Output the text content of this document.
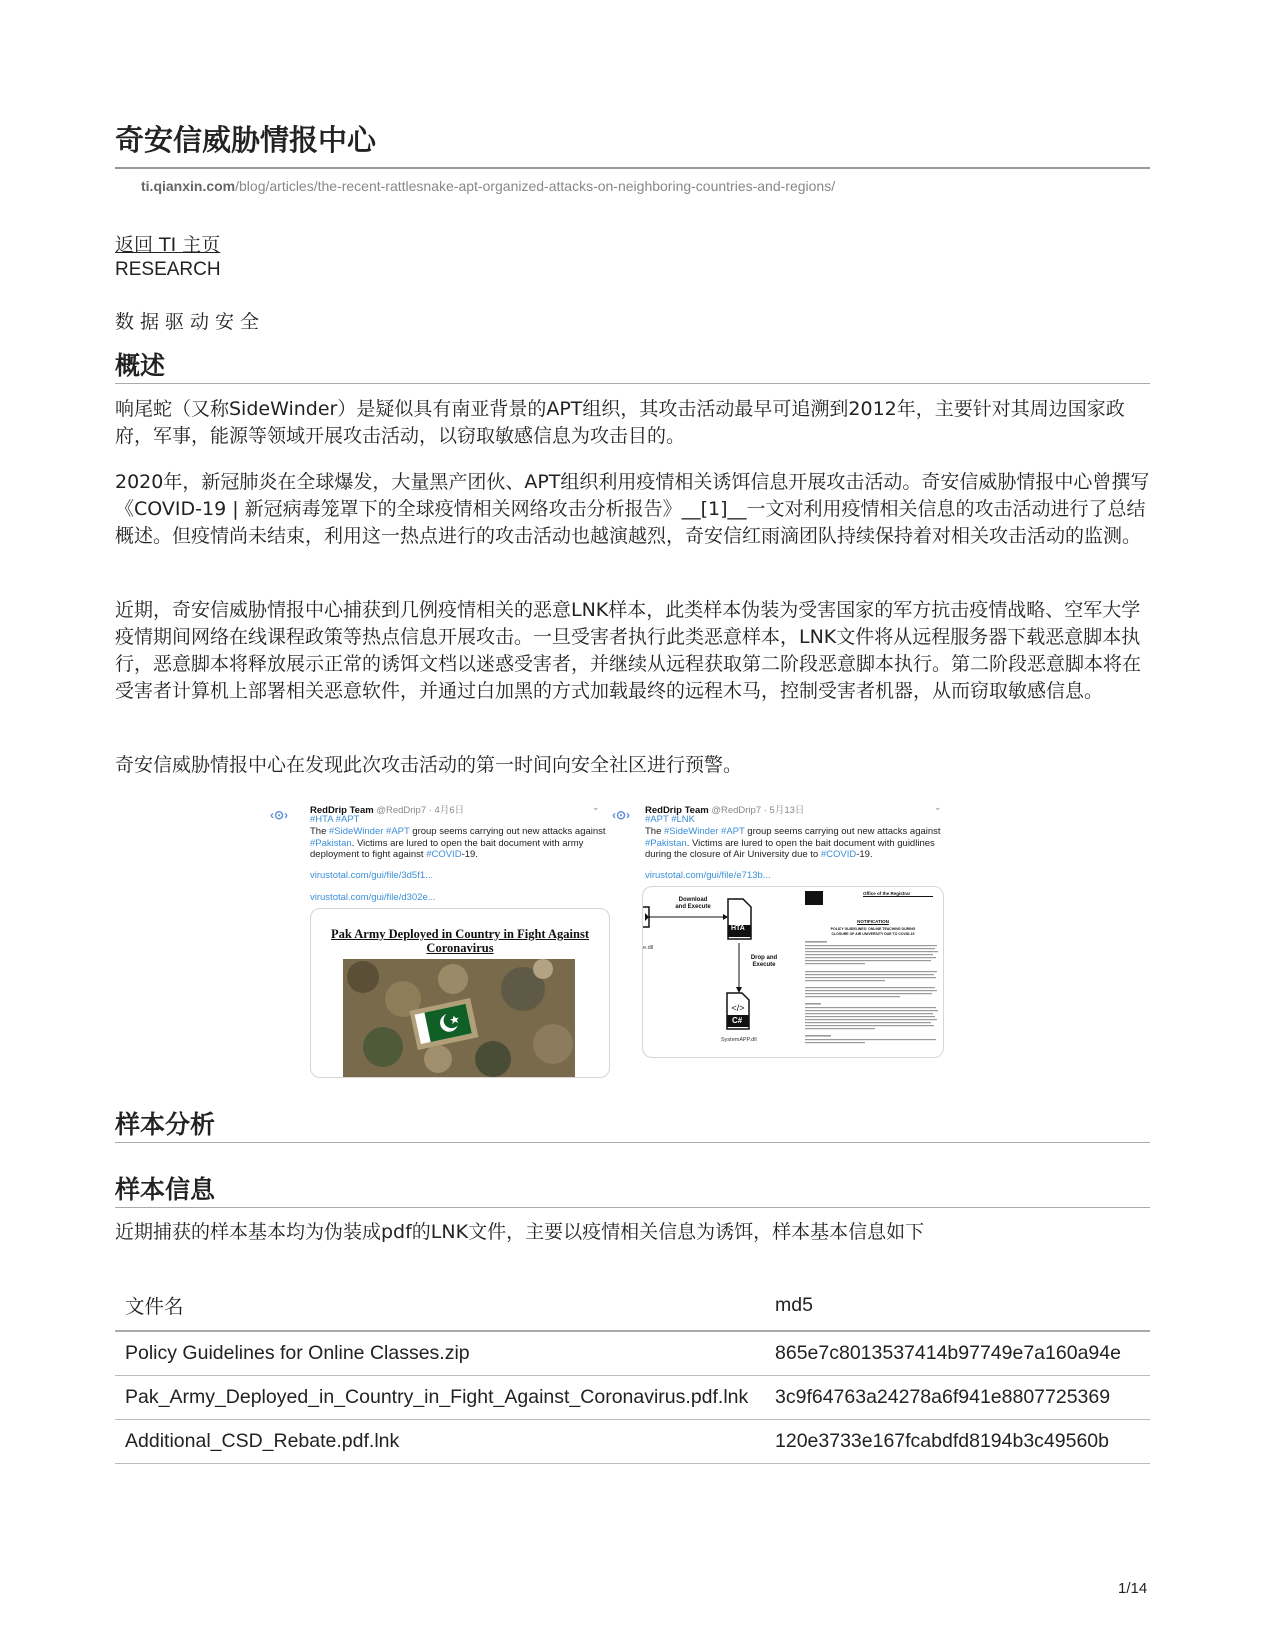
奇安信威胁情报中心
ti.qianxin.com/blog/articles/the-recent-rattlesnake-apt-organized-attacks-on-neighboring-countries-and-regions/
返回 TI 主页
RESEARCH
数据驱动安全
概述
响尾蛇（又称SideWinder）是疑似具有南亚背景的APT组织，其攻击活动最早可追溯到2012年，主要针对其周边国家政府，军事，能源等领域开展攻击活动，以窃取敏感信息为攻击目的。
2020年，新冠肺炎在全球爆发，大量黑产团伙、APT组织利用疫情相关诱饵信息开展攻击活动。奇安信威胁情报中心曾撰写《COVID-19 | 新冠病毒笼罩下的全球疫情相关网络攻击分析报告》__[1]__一文对利用疫情相关信息的攻击活动进行了总结概述。但疫情尚未结束，利用这一热点进行的攻击活动也越演越烈，奇安信红雨滴团队持续保持着对相关攻击活动的监测。
近期，奇安信威胁情报中心捕获到几例疫情相关的恶意LNK样本，此类样本伪装为受害国家的军方抗击疫情战略、空军大学疫情期间网络在线课程政策等热点信息开展攻击。一旦受害者执行此类恶意样本，LNK文件将从远程服务器下载恶意脚本执行，恶意脚本将释放展示正常的诱饵文档以迷惑受害者，并继续从远程获取第二阶段恶意脚本执行。第二阶段恶意脚本将在受害者计算机上部署相关恶意软件，并通过白加黑的方式加载最终的远程木马，控制受害者机器，从而窃取敏感信息。
奇安信威胁情报中心在发现此次攻击活动的第一时间向安全社区进行预警。
‹⊙›	RedDrip Team @RedDrip7 · 4月6日	⌄
#HTA #APT
The #SideWinder #APT group seems carrying out new attacks against #Pakistan. Victims are lured to open the bait document with army deployment to fight against #COVID-19.
virustotal.com/gui/file/3d5f1...
virustotal.com/gui/file/d302e...
Pak Army Deployed in Country in Fight Against Coronavirus
‹⊙›	RedDrip Team @RedDrip7 · 5月13日	⌄
#APT #LNK
The #SideWinder #APT group seems carrying out new attacks against #Pakistan. Victims are lured to open the bait document with guidlines during the closure of Air University due to #COVID-19.
virustotal.com/gui/file/e713b...
</>
Download and Execute
HTA
Drop and Execute
C#
SystemAPP.dll
e.dll
Office of the Registrar
NOTIFICATION
POLICY GUIDELINES: ONLINE TEACHING DURING CLOSURE OF AIR UNIVERSITY DUE TO COVID-19
样本分析
样本信息
近期捕获的样本基本均为伪装成pdf的LNK文件，主要以疫情相关信息为诱饵，样本基本信息如下
文件名	md5
Policy Guidelines for Online Classes.zip	865e7c8013537414b97749e7a160a94e
Pak_Army_Deployed_in_Country_in_Fight_Against_Coronavirus.pdf.lnk	3c9f64763a24278a6f941e8807725369
Additional_CSD_Rebate.pdf.lnk	120e3733e167fcabdfd8194b3c49560b
1/14
